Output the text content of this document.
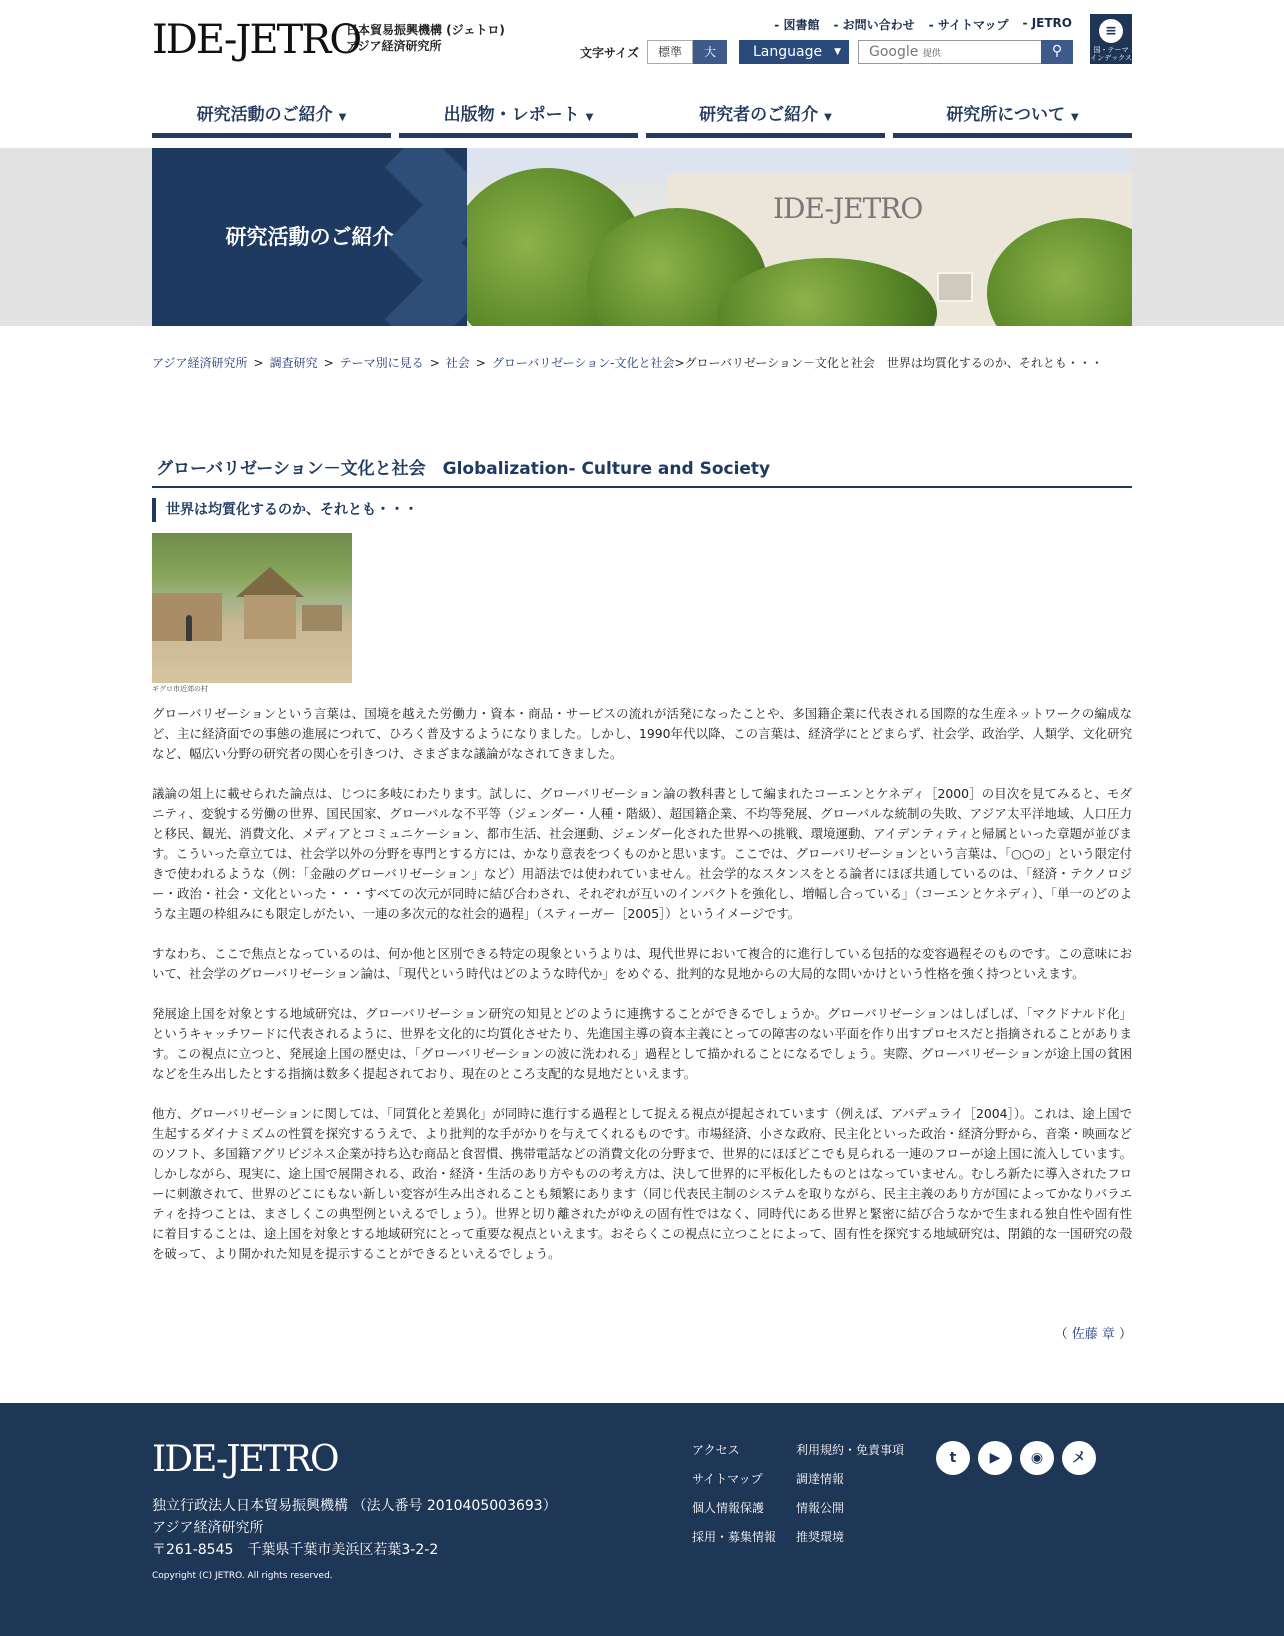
IDE-JETRO
日本貿易振興機構 (ジェトロ)
アジア経済研究所
- 図書館	- お問い合わせ	- サイトマップ	- JETRO
文字サイズ	標準	大	Language ▼	Google 提供	⚲
≡
国・テーマ インデックス
研究活動のご紹介 ▼	出版物・レポート ▼	研究者のご紹介 ▼	研究所について ▼
研究活動のご紹介
IDE-JETRO
アジア経済研究所 > 調査研究 > テーマ別に見る > 社会 > グローバリゼーション-文化と社会>グローバリゼーション－文化と社会　世界は均質化するのか、それとも・・・
グローバリゼーション－文化と社会　Globalization- Culture and Society
世界は均質化するのか、それとも・・・
ギグロ市近郊の村

グローバリゼーションという言葉は、国境を越えた労働力・資本・商品・サービスの流れが活発になったことや、多国籍企業に代表される国際的な生産ネットワークの編成など、主に経済面での事態の進展につれて、ひろく普及するようになりました。しかし、1990年代以降、この言葉は、経済学にとどまらず、社会学、政治学、人類学、文化研究など、幅広い分野の研究者の関心を引きつけ、さまざまな議論がなされてきました。

議論の俎上に載せられた論点は、じつに多岐にわたります。試しに、グローバリゼーション論の教科書として編まれたコーエンとケネディ［2000］の目次を見てみると、モダニティ、変貌する労働の世界、国民国家、グローバルな不平等（ジェンダー・人種・階級）、超国籍企業、不均等発展、グローバルな統制の失敗、アジア太平洋地域、人口圧力と移民、観光、消費文化、メディアとコミュニケーション、都市生活、社会運動、ジェンダー化された世界への挑戦、環境運動、アイデンティティと帰属といった章題が並びます。こういった章立ては、社会学以外の分野を専門とする方には、かなり意表をつくものかと思います。ここでは、グローバリゼーションという言葉は、「○○の」という限定付きで使われるような（例：「金融のグローバリゼーション」など）用語法では使われていません。社会学的なスタンスをとる論者にほぼ共通しているのは、「経済・テクノロジー・政治・社会・文化といった・・・すべての次元が同時に結び合わされ、それぞれが互いのインパクトを強化し、増幅し合っている」（コーエンとケネディ）、「単一のどのような主題の枠組みにも限定しがたい、一連の多次元的な社会的過程」（スティーガー［2005］）というイメージです。

すなわち、ここで焦点となっているのは、何か他と区別できる特定の現象というよりは、現代世界において複合的に進行している包括的な変容過程そのものです。この意味において、社会学のグローバリゼーション論は、「現代という時代はどのような時代か」をめぐる、批判的な見地からの大局的な問いかけという性格を強く持つといえます。

発展途上国を対象とする地域研究は、グローバリゼーション研究の知見とどのように連携することができるでしょうか。グローバリゼーションはしばしば、「マクドナルド化」というキャッチワードに代表されるように、世界を文化的に均質化させたり、先進国主導の資本主義にとっての障害のない平面を作り出すプロセスだと指摘されることがあります。この視点に立つと、発展途上国の歴史は、「グローバリゼーションの波に洗われる」過程として描かれることになるでしょう。実際、グローバリゼーションが途上国の貧困などを生み出したとする指摘は数多く提起されており、現在のところ支配的な見地だといえます。

他方、グローバリゼーションに関しては、「同質化と差異化」が同時に進行する過程として捉える視点が提起されています（例えば、アパデュライ［2004］）。これは、途上国で生起するダイナミズムの性質を探究するうえで、より批判的な手がかりを与えてくれるものです。市場経済、小さな政府、民主化といった政治・経済分野から、音楽・映画などのソフト、多国籍アグリビジネス企業が持ち込む商品と食習慣、携帯電話などの消費文化の分野まで、世界的にほぼどこでも見られる一連のフローが途上国に流入しています。しかしながら、現実に、途上国で展開される、政治・経済・生活のあり方やものの考え方は、決して世界的に平板化したものとはなっていません。むしろ新たに導入されたフローに刺激されて、世界のどこにもない新しい変容が生み出されることも頻繁にあります（同じ代表民主制のシステムを取りながら、民主主義のあり方が国によってかなりバラエティを持つことは、まさしくこの典型例といえるでしょう）。世界と切り離されたがゆえの固有性ではなく、同時代にある世界と緊密に結び合うなかで生まれる独自性や固有性に着目することは、途上国を対象とする地域研究にとって重要な視点といえます。おそらくこの視点に立つことによって、固有性を探究する地域研究は、閉鎖的な一国研究の殻を破って、より開かれた知見を提示することができるといえるでしょう。

（ 佐藤 章 ）
IDE-JETRO
独立行政法人日本貿易振興機構 （法人番号 2010405003693）
アジア経済研究所
〒261-8545　千葉県千葉市美浜区若葉3-2-2
Copyright (C) JETRO. All rights reserved.
アクセス	利用規約・免責事項
サイトマップ	調達情報
個人情報保護	情報公開
採用・募集情報	推奨環境
t	▶	◉	メ
